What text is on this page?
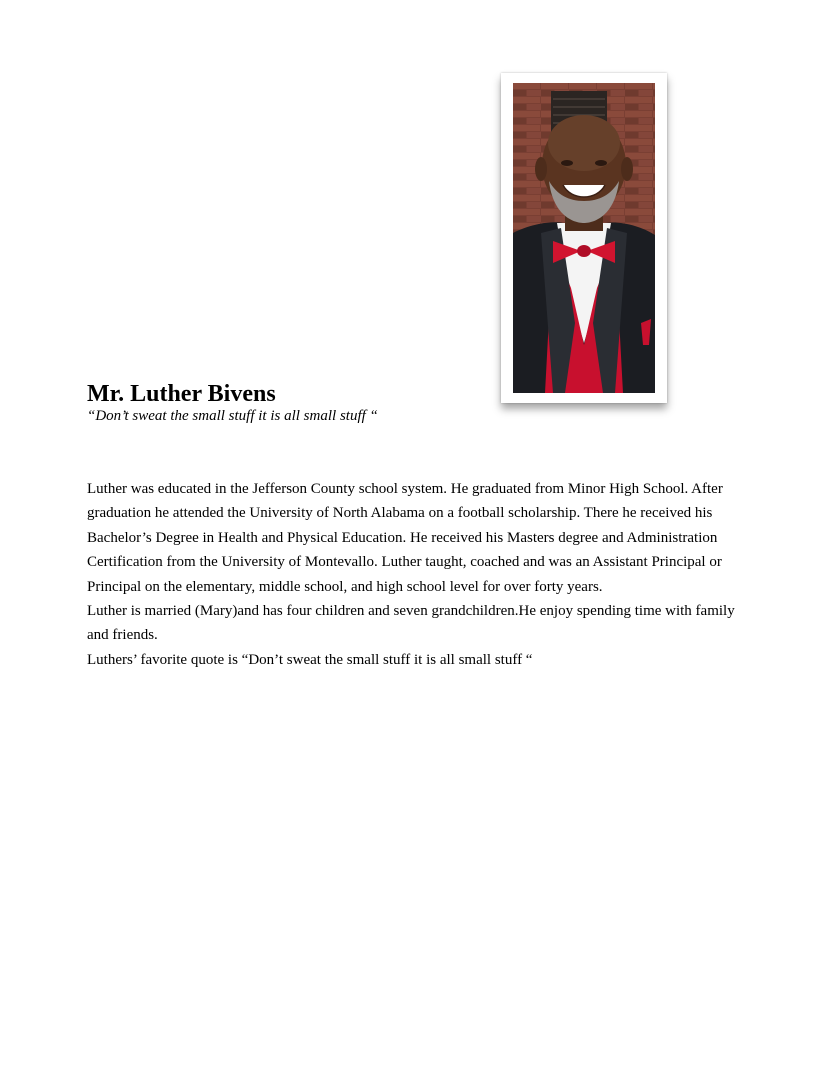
Mr. Luther Bivens

“Don’t sweat the small stuff it is all small stuff “

Luther was educated in the Jefferson County school system. He graduated from Minor High School. After graduation he attended the University of North Alabama on a football scholarship. There he received his Bachelor’s Degree in Health and Physical Education. He received his Masters degree and Administration Certification from the University of Montevallo. Luther taught, coached and was an Assistant Principal or Principal on the elementary, middle school, and high school level for over forty years.

Luther is married (Mary)and has four children and seven grandchildren.He enjoy spending time with family and friends.

Luthers’ favorite quote is “Don’t sweat the small stuff it is all small stuff “
